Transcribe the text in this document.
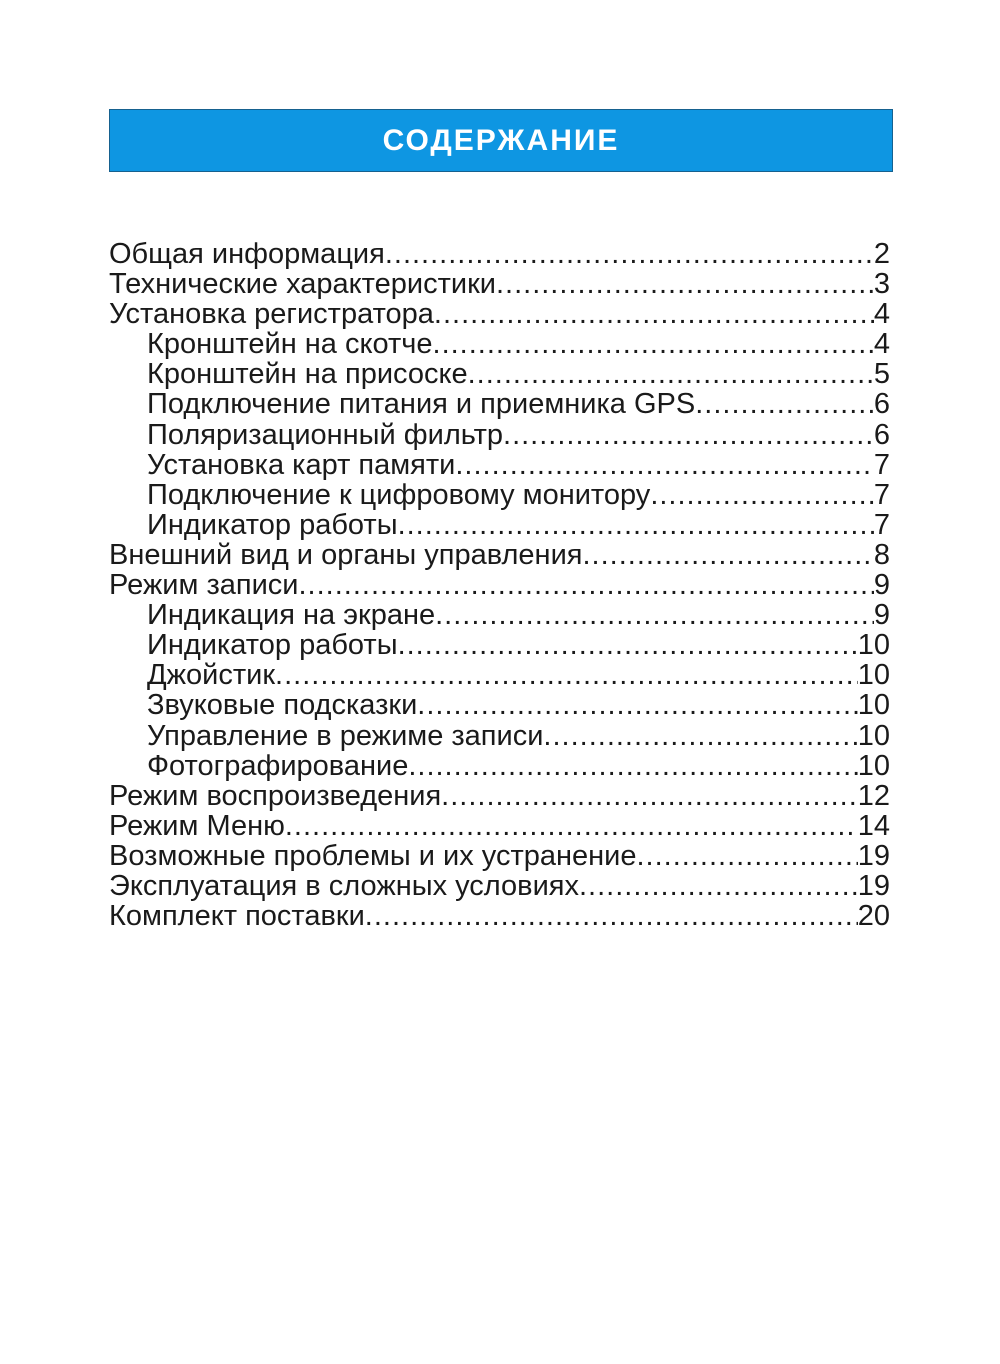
СОДЕРЖАНИЕ
Общая информация .....	2
Технические характеристики .....	3
Установка регистратора .....	4
Кронштейн на скотче .....	4
Кронштейн на присоске .....	5
Подключение питания и приемника GPS .....	6
Поляризационный фильтр .....	6
Установка карт памяти .....	7
Подключение к цифровому монитору .....	7
Индикатор работы .....	7
Внешний вид и органы управления .....	8
Режим записи .....	9
Индикация на экране .....	9
Индикатор работы .....	10
Джойстик .....	10
Звуковые подсказки .....	10
Управление в режиме записи .....	10
Фотографирование .....	10
Режим воспроизведения .....	12
Режим Меню .....	14
Возможные проблемы и их устранение .....	19
Эксплуатация в сложных условиях .....	19
Комплект поставки .....	20
